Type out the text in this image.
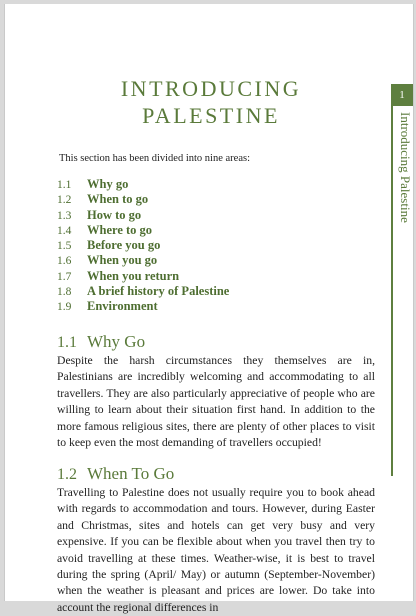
INTRODUCING
PALESTINE
1
Introducing Palestine
This section has been divided into nine areas:
1.1 Why go
1.2 When to go
1.3 How to go
1.4 Where to go
1.5 Before you go
1.6 When you go
1.7 When you return
1.8 A brief history of Palestine
1.9 Environment
1.1 Why Go
Despite the harsh circumstances they themselves are in, Palestinians are incredibly welcoming and accommodating to all travellers. They are also particularly appreciative of people who are willing to learn about their situation first hand. In addition to the more famous religious sites, there are plenty of other places to visit to keep even the most demanding of travellers occupied!
1.2 When To Go
Travelling to Palestine does not usually require you to book ahead with regards to accommodation and tours. However, during Easter and Christmas, sites and hotels can get very busy and very expensive. If you can be flexible about when you travel then try to avoid travelling at these times. Weather-wise, it is best to travel during the spring (April/ May) or autumn (September-November) when the weather is pleasant and prices are lower. Do take into account the regional differences in
